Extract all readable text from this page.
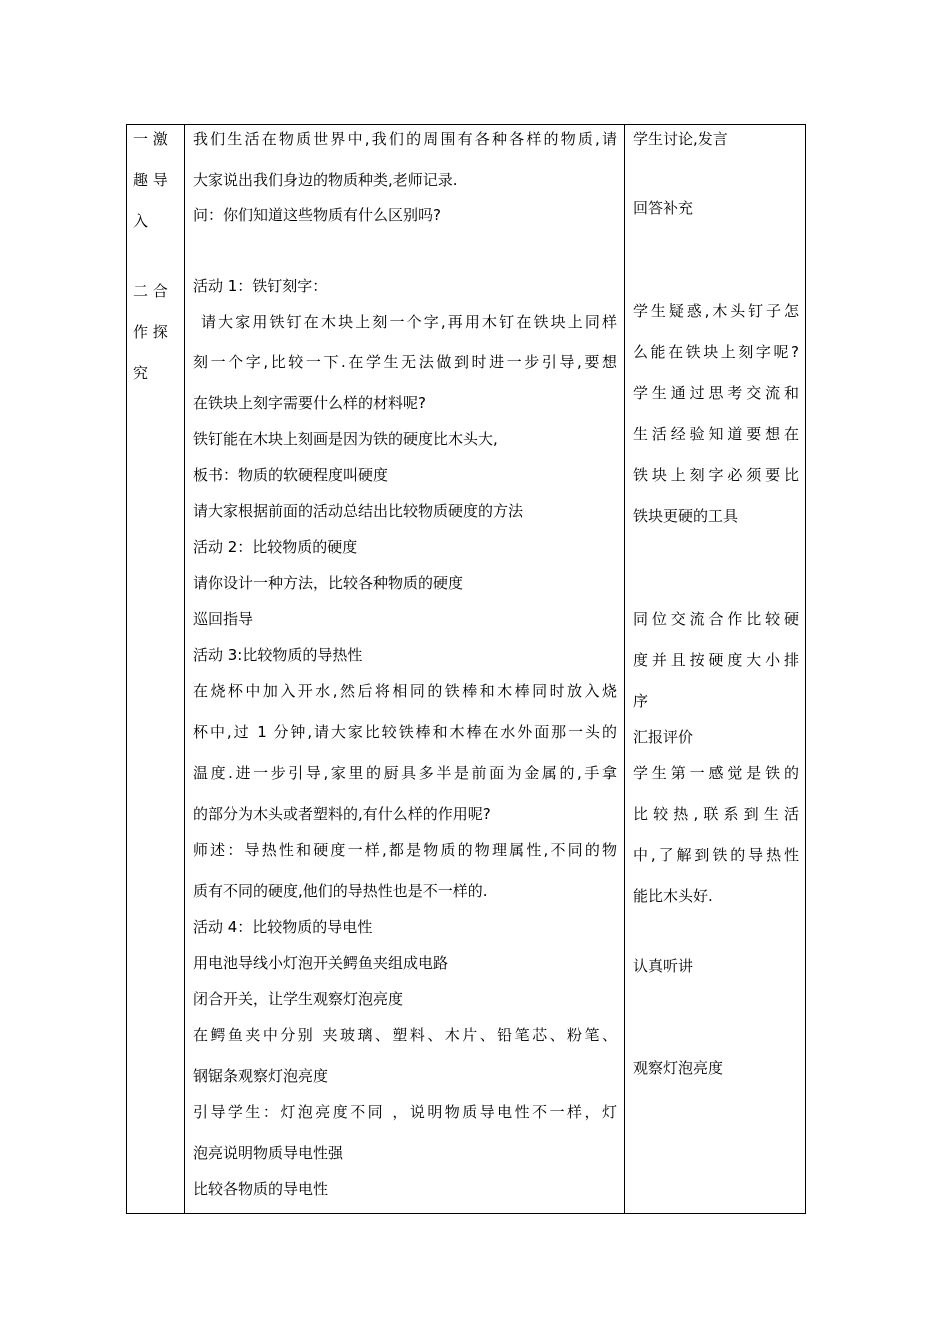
一 激
趣 导
入
二 合
作 探
究
我们生活在物质世界中,我们的周围有各种各样的物质,请
大家说出我们身边的物质种类,老师记录.
问：你们知道这些物质有什么区别吗?
活动 1：铁钉刻字：
请大家用铁钉在木块上刻一个字,再用木钉在铁块上同样
刻一个字,比较一下.在学生无法做到时进一步引导,要想
在铁块上刻字需要什么样的材料呢?
铁钉能在木块上刻画是因为铁的硬度比木头大,
板书：物质的软硬程度叫硬度
请大家根据前面的活动总结出比较物质硬度的方法
活动 2：比较物质的硬度
请你设计一种方法，比较各种物质的硬度
巡回指导
活动 3:比较物质的导热性
在烧杯中加入开水,然后将相同的铁棒和木棒同时放入烧
杯中,过 1 分钟,请大家比较铁棒和木棒在水外面那一头的
温度.进一步引导,家里的厨具多半是前面为金属的,手拿
的部分为木头或者塑料的,有什么样的作用呢?
师述：导热性和硬度一样,都是物质的物理属性,不同的物
质有不同的硬度,他们的导热性也是不一样的.
活动 4：比较物质的导电性
用电池导线小灯泡开关鳄鱼夹组成电路
闭合开关，让学生观察灯泡亮度
在鳄鱼夹中分别 夹玻璃、塑料、木片、铅笔芯、粉笔、
钢锯条观察灯泡亮度
引导学生：灯泡亮度不同 ，说明物质导电性不一样，灯
泡亮说明物质导电性强
比较各物质的导电性
学生讨论,发言
回答补充
学生疑惑,木头钉子怎
么能在铁块上刻字呢?
学生通过思考交流和
生活经验知道要想在
铁块上刻字必须要比
铁块更硬的工具
同位交流合作比较硬
度并且按硬度大小排
序
汇报评价
学生第一感觉是铁的
比较热,联系到生活
中,了解到铁的导热性
能比木头好.
认真听讲
观察灯泡亮度
